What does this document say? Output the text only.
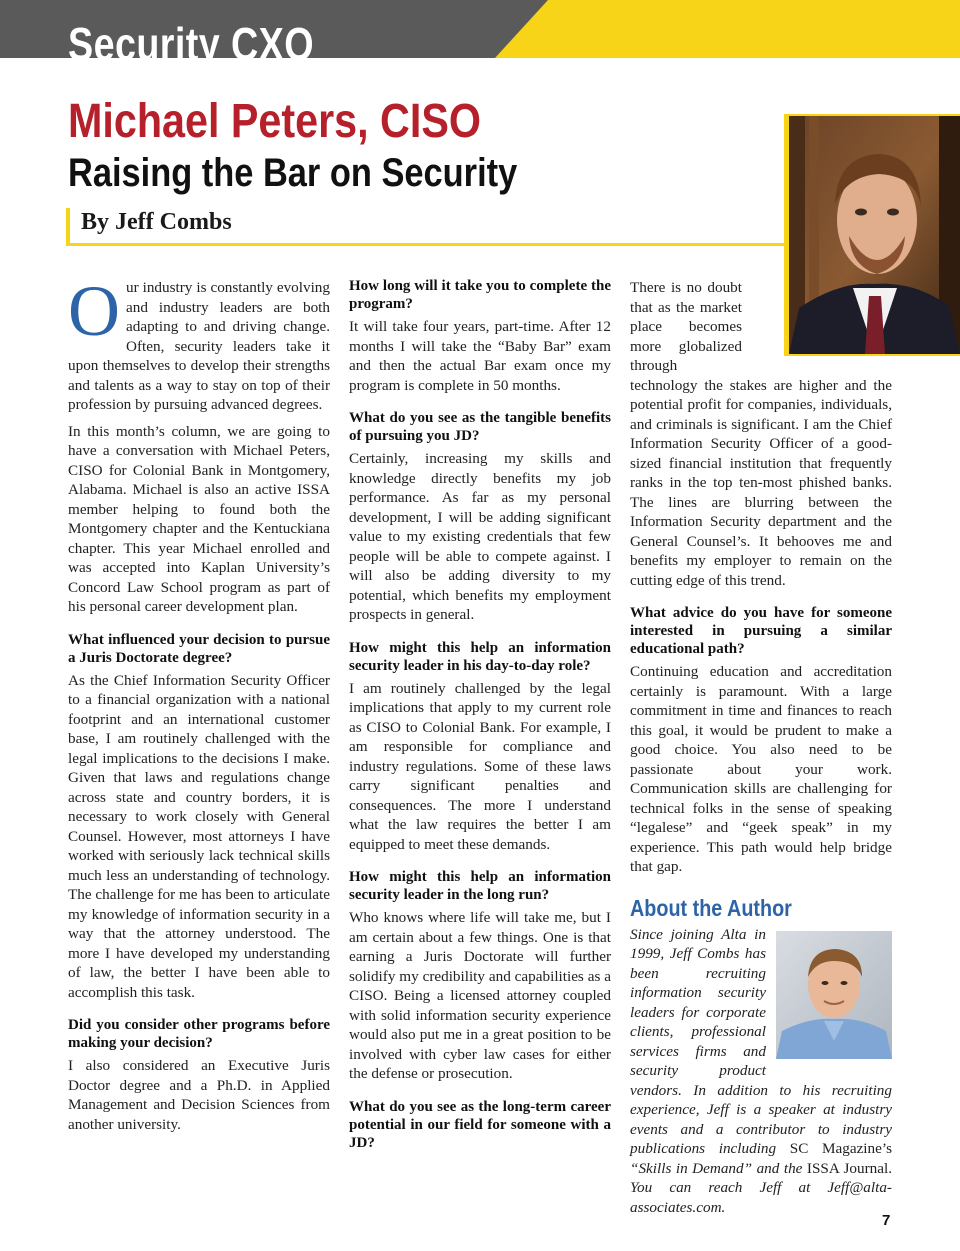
Security CXO
Michael Peters, CISO
Raising the Bar on Security

By Jeff Combs

Our industry is constantly evolving and industry leaders are both adapting to and driving change. Often, security leaders take it upon themselves to develop their strengths and talents as a way to stay on top of their profession by pursuing advanced degrees.

In this month’s column, we are going to have a conversation with Michael Peters, CISO for Colonial Bank in Montgomery, Alabama. Michael is also an active ISSA member helping to found both the Montgomery chapter and the Kentuckiana chapter. This year Michael enrolled and was accepted into Kaplan University’s Concord Law School program as part of his personal career development plan.

What influenced your decision to pursue a Juris Doctorate degree?

As the Chief Information Security Officer to a financial organization with a national footprint and an international customer base, I am routinely challenged with the legal implications to the decisions I make. Given that laws and regulations change across state and country borders, it is necessary to work closely with General Counsel. However, most attorneys I have worked with seriously lack technical skills much less an understanding of technology. The challenge for me has been to articulate my knowledge of information security in a way that the attorney understood. The more I have developed my understanding of law, the better I have been able to accomplish this task.

Did you consider other programs before making your decision?

I also considered an Executive Juris Doctor degree and a Ph.D. in Applied Management and Decision Sciences from another university.

How long will it take you to complete the program?

It will take four years, part-time. After 12 months I will take the “Baby Bar” exam and then the actual Bar exam once my program is complete in 50 months.

What do you see as the tangible benefits of pursuing you JD?

Certainly, increasing my skills and knowledge directly benefits my job performance. As far as my personal development, I will be adding significant value to my existing credentials that few people will be able to compete against. I will also be adding diversity to my potential, which benefits my employment prospects in general.

How might this help an information security leader in his day-to-day role?

I am routinely challenged by the legal implications that apply to my current role as CISO to Colonial Bank. For example, I am responsible for compliance and industry regulations. Some of these laws carry significant penalties and consequences. The more I understand what the law requires the better I am equipped to meet these demands.

How might this help an information security leader in the long run?

Who knows where life will take me, but I am certain about a few things. One is that earning a Juris Doctorate will further solidify my credibility and capabilities as a CISO. Being a licensed attorney coupled with solid information security experience would also put me in a great position to be involved with cyber law cases for either the defense or prosecution.

What do you see as the long-term career potential in our field for someone with a JD?

There is no doubt that as the market place becomes more globalized through technology the stakes are higher and the potential profit for companies, individuals, and criminals is significant. I am the Chief Information Security Officer of a good-sized financial institution that frequently ranks in the top ten-most phished banks. The lines are blurring between the Information Security department and the General Counsel’s. It behooves me and benefits my employer to remain on the cutting edge of this trend.

What advice do you have for someone interested in pursuing a similar educational path?

Continuing education and accreditation certainly is paramount. With a large commitment in time and finances to reach this goal, it would be prudent to make a good choice. You also need to be passionate about your work. Communication skills are challenging for technical folks in the sense of speaking “legalese” and “geek speak” in my experience. This path would help bridge that gap.

About the Author

Since joining Alta in 1999, Jeff Combs has been recruiting information security leaders for corporate clients, professional services firms and security product vendors. In addition to his recruiting experience, Jeff is a speaker at industry events and a contributor to industry publications including SC Magazine’s “Skills in Demand” and the ISSA Journal. You can reach Jeff at Jeff@alta-associates.com.

7
